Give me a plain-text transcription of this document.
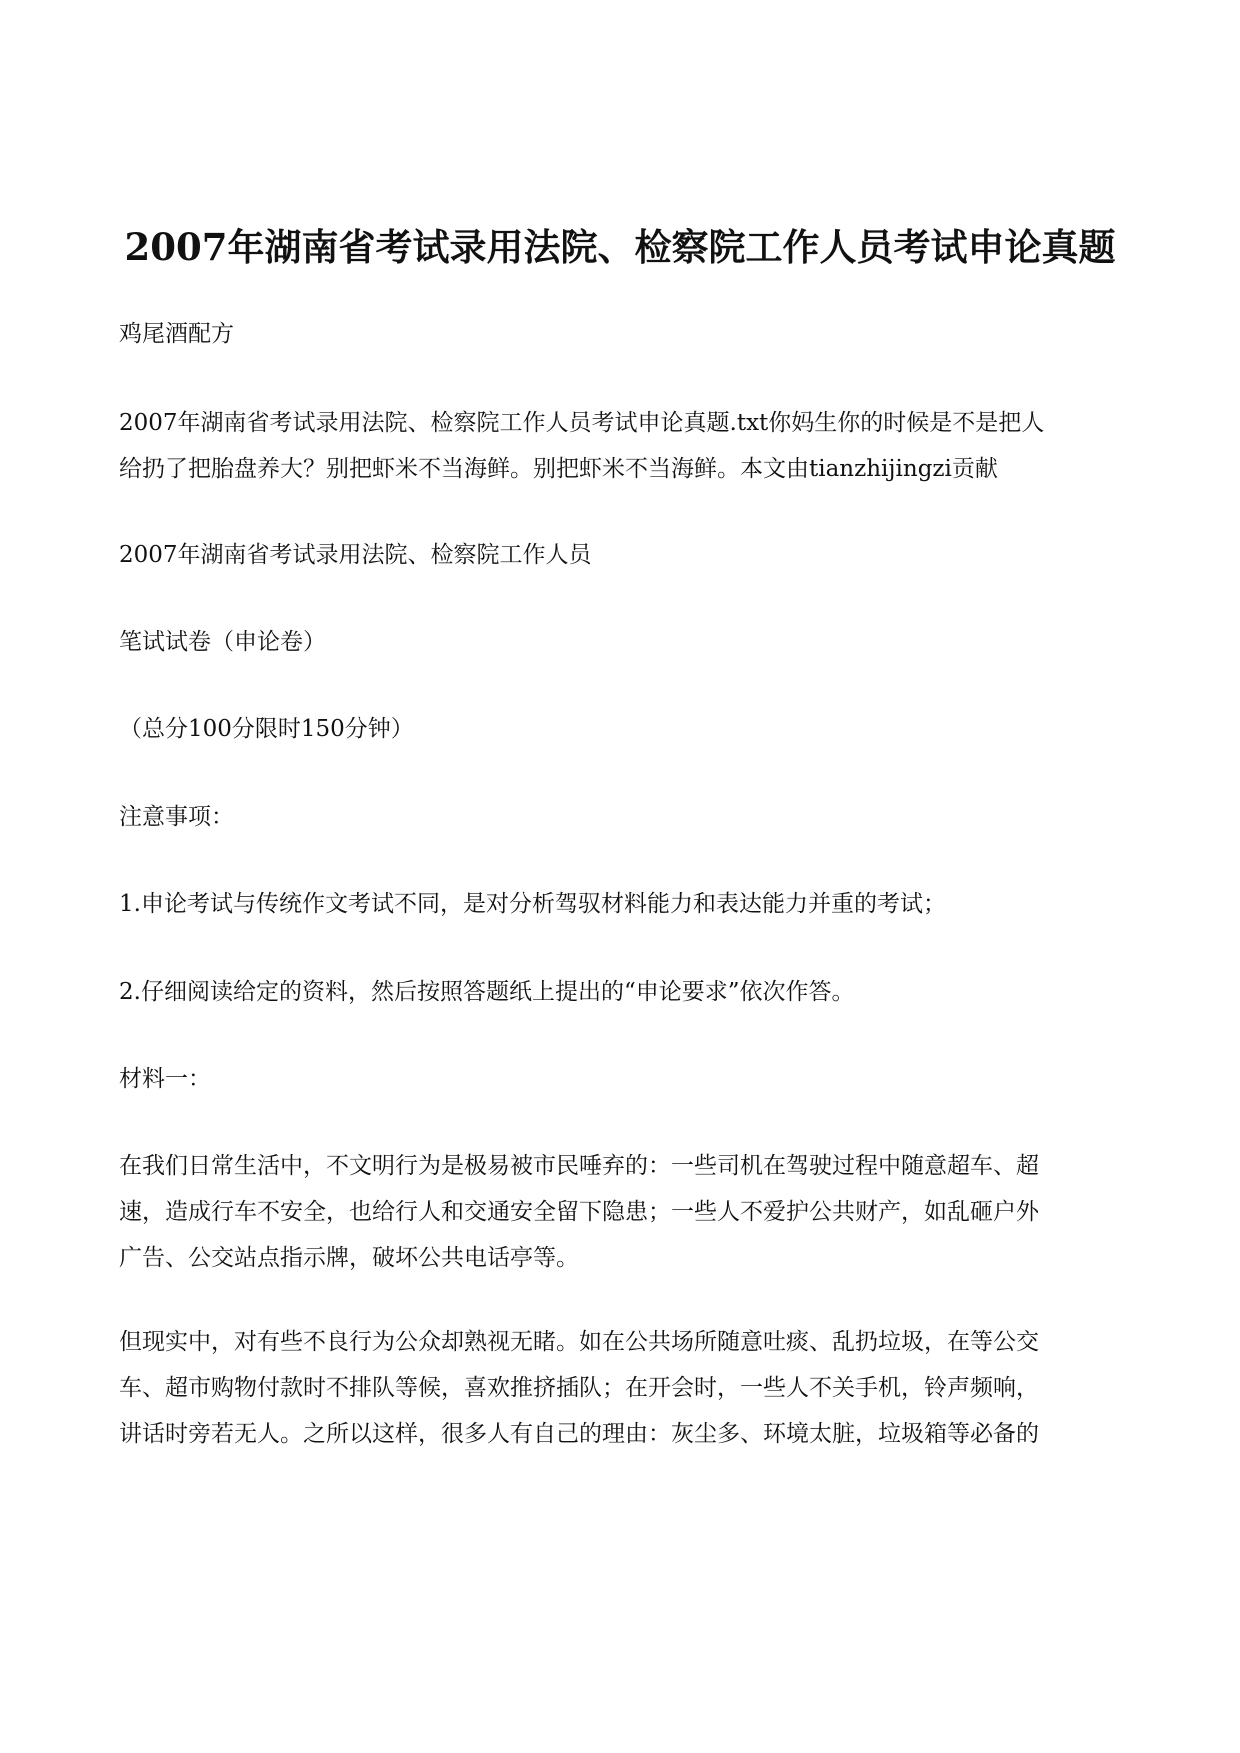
2007年湖南省考试录用法院、检察院工作人员考试申论真题

鸡尾酒配方

2007年湖南省考试录用法院、检察院工作人员考试申论真题.txt你妈生你的时候是不是把人
给扔了把胎盘养大？别把虾米不当海鲜。别把虾米不当海鲜。本文由tianzhijingzi贡献

2007年湖南省考试录用法院、检察院工作人员

笔试试卷（申论卷）

（总分100分限时150分钟）

注意事项：

1.申论考试与传统作文考试不同，是对分析驾驭材料能力和表达能力并重的考试；

2.仔细阅读给定的资料，然后按照答题纸上提出的“申论要求”依次作答。

材料一：

在我们日常生活中，不文明行为是极易被市民唾弃的：一些司机在驾驶过程中随意超车、超
速，造成行车不安全，也给行人和交通安全留下隐患；一些人不爱护公共财产，如乱砸户外
广告、公交站点指示牌，破坏公共电话亭等。

但现实中，对有些不良行为公众却熟视无睹。如在公共场所随意吐痰、乱扔垃圾，在等公交
车、超市购物付款时不排队等候，喜欢推挤插队；在开会时，一些人不关手机，铃声频响，
讲话时旁若无人。之所以这样，很多人有自己的理由：灰尘多、环境太脏，垃圾箱等必备的
